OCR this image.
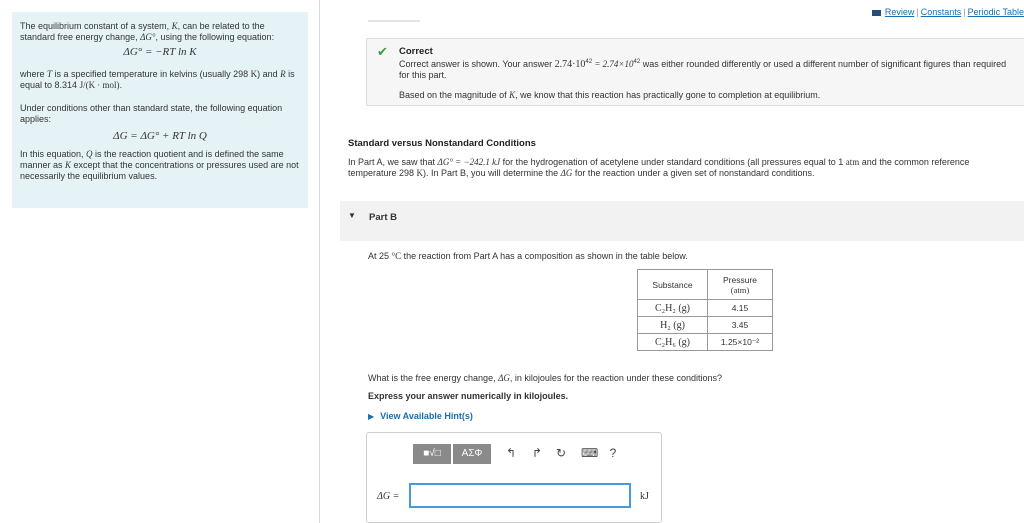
The equilibrium constant of a system, K, can be related to the standard free energy change, ΔG°, using the following equation:

ΔG° = −RT ln K

where T is a specified temperature in kelvins (usually 298 K) and R is equal to 8.314 J/(K · mol).

Under conditions other than standard state, the following equation applies:

ΔG = ΔG° + RT ln Q

In this equation, Q is the reaction quotient and is defined the same manner as K except that the concentrations or pressures used are not necessarily the equilibrium values.

Review | Constants | Periodic Table
✔ Correct
Correct answer is shown. Your answer $2.74\cdot 10^{42} = 2.74\times 10^{42}$ was either rounded differently or used a different number of significant figures than required for this part.
Based on the magnitude of K, we know that this reaction has practically gone to completion at equilibrium.
Standard versus Nonstandard Conditions
In Part A, we saw that ΔG° = −242.1 kJ for the hydrogenation of acetylene under standard conditions (all pressures equal to 1 atm and the common reference
temperature 298 K). In Part B, you will determine the ΔG for the reaction under a given set of nonstandard conditions.
▼ Part B
At 25 °C the reaction from Part A has a composition as shown in the table below.
Substance	Pressure
(atm)
C₂H₂ (g)	4.15
H₂ (g)	3.45
C₂H₆ (g)	1.25×10⁻²
What is the free energy change, ΔG, in kilojoules for the reaction under these conditions?
Express your answer numerically in kilojoules.
▶ View Available Hint(s)
■√□	ΑΣΦ	↰ ↱ ↻ ⌨ ?
ΔG =	kJ
